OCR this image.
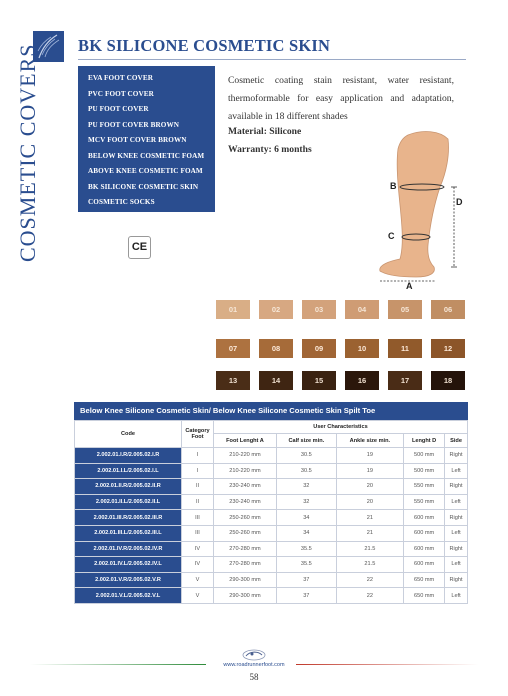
BK SILICONE COSMETIC SKIN
COSMETIC COVERS	EVA FOOT COVER
PVC FOOT COVER
PU FOOT COVER
PU FOOT COVER BROWN
MCV FOOT COVER BROWN
BELOW KNEE COSMETIC FOAM
ABOVE KNEE COSMETIC FOAM
BK SILICONE COSMETIC SKIN
COSMETIC SOCKS
CE

Cosmetic coating stain resistant, water resistant, thermoformable for easy application and adaptation, available in 18 different shades

Material: Silicone
Warranty: 6 months
B
C
D
A
01	02	03	04	05	06
07	08	09	10	11	12
13	14	15	16	17	18
Below Knee Silicone Cosmetic Skin/ Below Knee Silicone Cosmetic Skin Spilt Toe
Code	Category Foot	User Characteristics				
		Foot Lenght A	Calf size min.	Ankle size min.	Lenght D	Side
2.002.01.I.R/2.005.02.I.R	I	210-220 mm	30.5	19	500 mm	Right
2.002.01.I.L/2.005.02.I.L	I	210-220 mm	30.5	19	500 mm	Left
2.002.01.II.R/2.005.02.II.R	II	230-240 mm	32	20	550 mm	Right
2.002.01.II.L/2.005.02.II.L	II	230-240 mm	32	20	550 mm	Left
2.002.01.III.R/2.005.02.III.R	III	250-260 mm	34	21	600 mm	Right
2.002.01.III.L/2.005.02.III.L	III	250-260 mm	34	21	600 mm	Left
2.002.01.IV.R/2.005.02.IV.R	IV	270-280 mm	35.5	21.5	600 mm	Right
2.002.01.IV.L/2.005.02.IV.L	IV	270-280 mm	35.5	21.5	600 mm	Left
2.002.01.V.R/2.005.02.V.R	V	290-300 mm	37	22	650 mm	Right
2.002.01.V.L/2.005.02.V.L	V	290-300 mm	37	22	650 mm	Left
www.roadrunnerfoot.com
58
